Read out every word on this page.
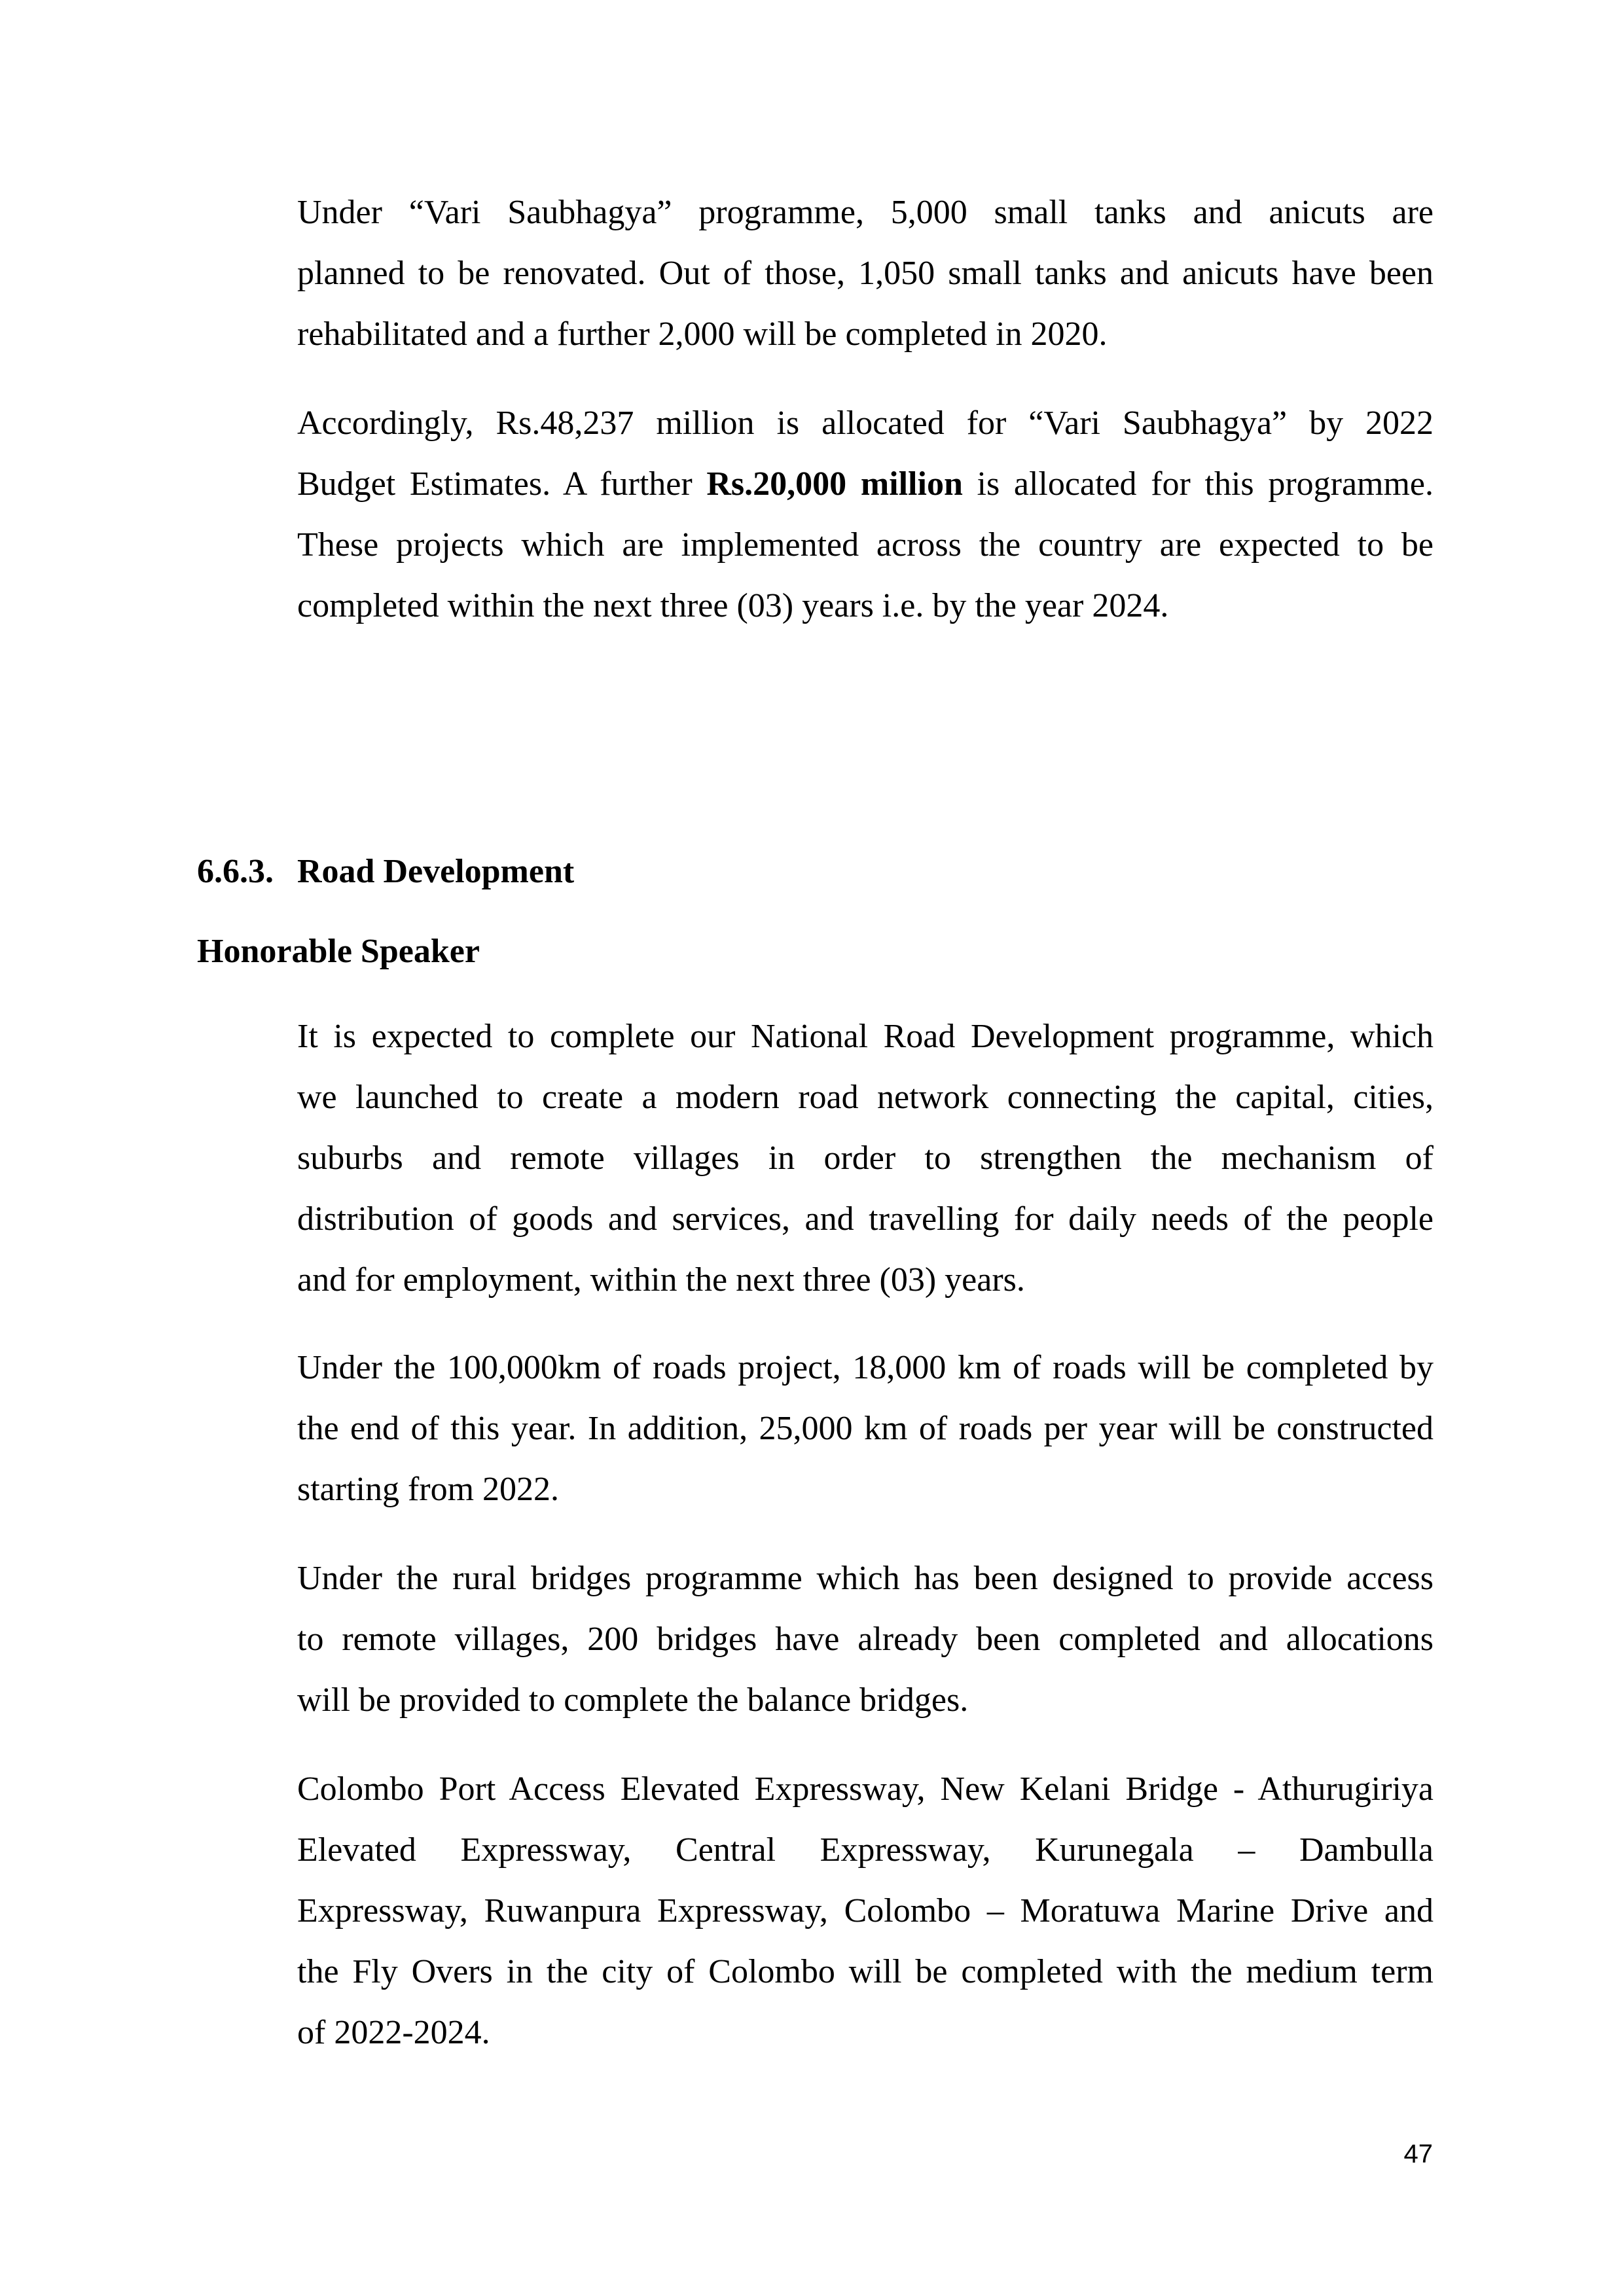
Under “Vari Saubhagya” programme, 5,000 small tanks and anicuts are
planned to be renovated. Out of those, 1,050 small tanks and anicuts have been
rehabilitated and a further 2,000 will be completed in 2020.
Accordingly, Rs.48,237 million is allocated for “Vari Saubhagya” by 2022
Budget Estimates. A further Rs.20,000 million is allocated for this programme.
These projects which are implemented across the country are expected to be
completed within the next three (03) years i.e. by the year 2024.
6.6.3. Road Development
Honorable Speaker
It is expected to complete our National Road Development programme, which
we launched to create a modern road network connecting the capital, cities,
suburbs and remote villages in order to strengthen the mechanism of
distribution of goods and services, and travelling for daily needs of the people
and for employment, within the next three (03) years.
Under the 100,000km of roads project, 18,000 km of roads will be completed by
the end of this year. In addition, 25,000 km of roads per year will be constructed
starting from 2022.
Under the rural bridges programme which has been designed to provide access
to remote villages, 200 bridges have already been completed and allocations
will be provided to complete the balance bridges.
Colombo Port Access Elevated Expressway, New Kelani Bridge - Athurugiriya
Elevated Expressway, Central Expressway, Kurunegala – Dambulla
Expressway, Ruwanpura Expressway, Colombo – Moratuwa Marine Drive and
the Fly Overs in the city of Colombo will be completed with the medium term
of 2022-2024.
47
